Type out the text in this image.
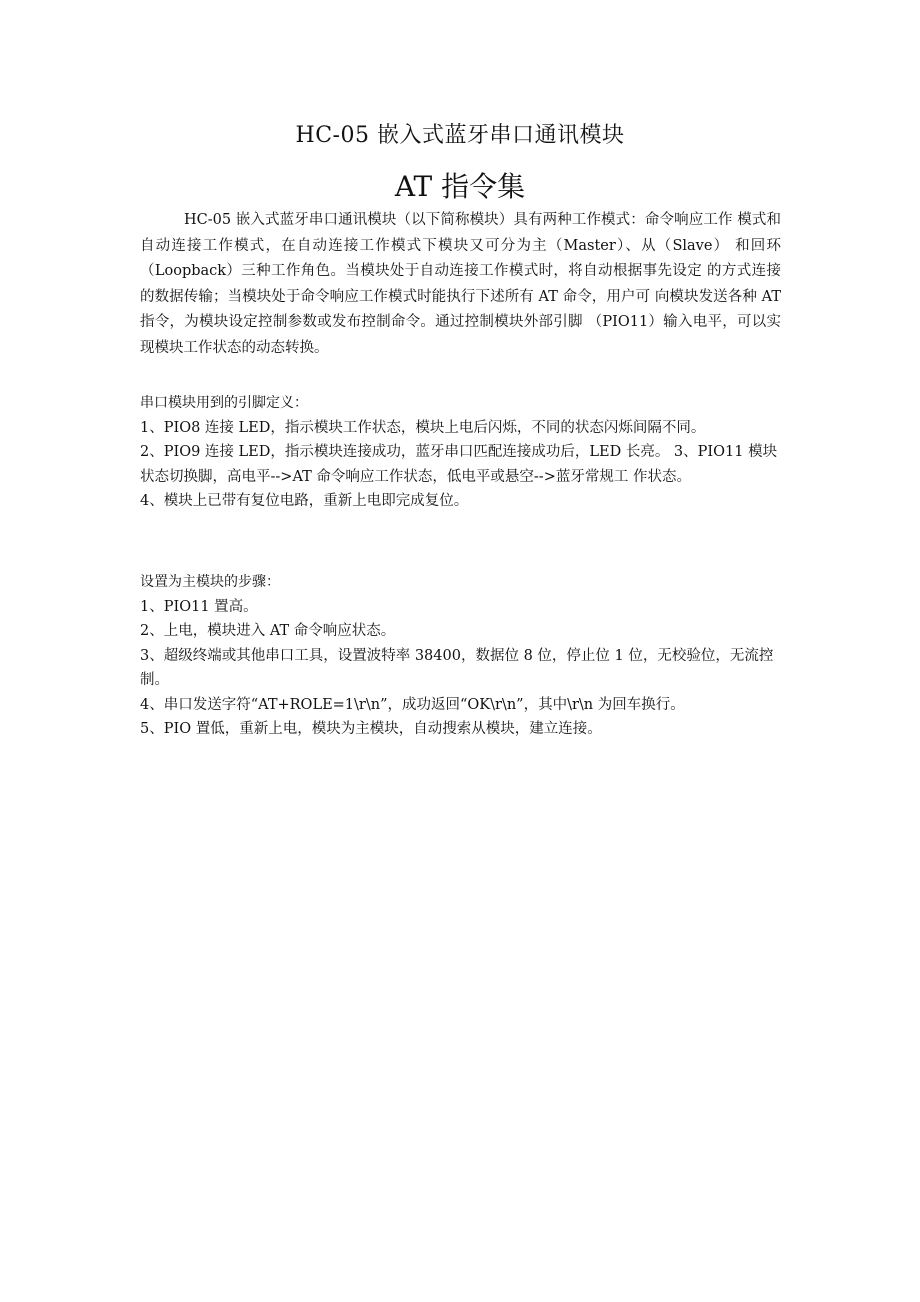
HC-05 嵌入式蓝牙串口通讯模块
AT 指令集

HC-05 嵌入式蓝牙串口通讯模块（以下简称模块）具有两种工作模式：命令响应工作 模式和自动连接工作模式，在自动连接工作模式下模块又可分为主（Master）、从（Slave） 和回环（Loopback）三种工作角色。当模块处于自动连接工作模式时，将自动根据事先设定 的方式连接的数据传输；当模块处于命令响应工作模式时能执行下述所有 AT 命令，用户可 向模块发送各种 AT 指令，为模块设定控制参数或发布控制命令。通过控制模块外部引脚 （PIO11）输入电平，可以实现模块工作状态的动态转换。

串口模块用到的引脚定义：

1、PIO8 连接 LED，指示模块工作状态，模块上电后闪烁，不同的状态闪烁间隔不同。

2、PIO9 连接 LED，指示模块连接成功，蓝牙串口匹配连接成功后，LED 长亮。 3、PIO11 模块状态切换脚，高电平-->AT 命令响应工作状态，低电平或悬空-->蓝牙常规工 作状态。

4、模块上已带有复位电路，重新上电即完成复位。

设置为主模块的步骤：

1、PIO11 置高。

2、上电，模块进入 AT 命令响应状态。

3、超级终端或其他串口工具，设置波特率 38400，数据位 8 位，停止位 1 位，无校验位，无流控制。

4、串口发送字符“AT+ROLE=1\r\n”，成功返回“OK\r\n”，其中\r\n 为回车换行。

5、PIO 置低，重新上电，模块为主模块，自动搜索从模块，建立连接。
